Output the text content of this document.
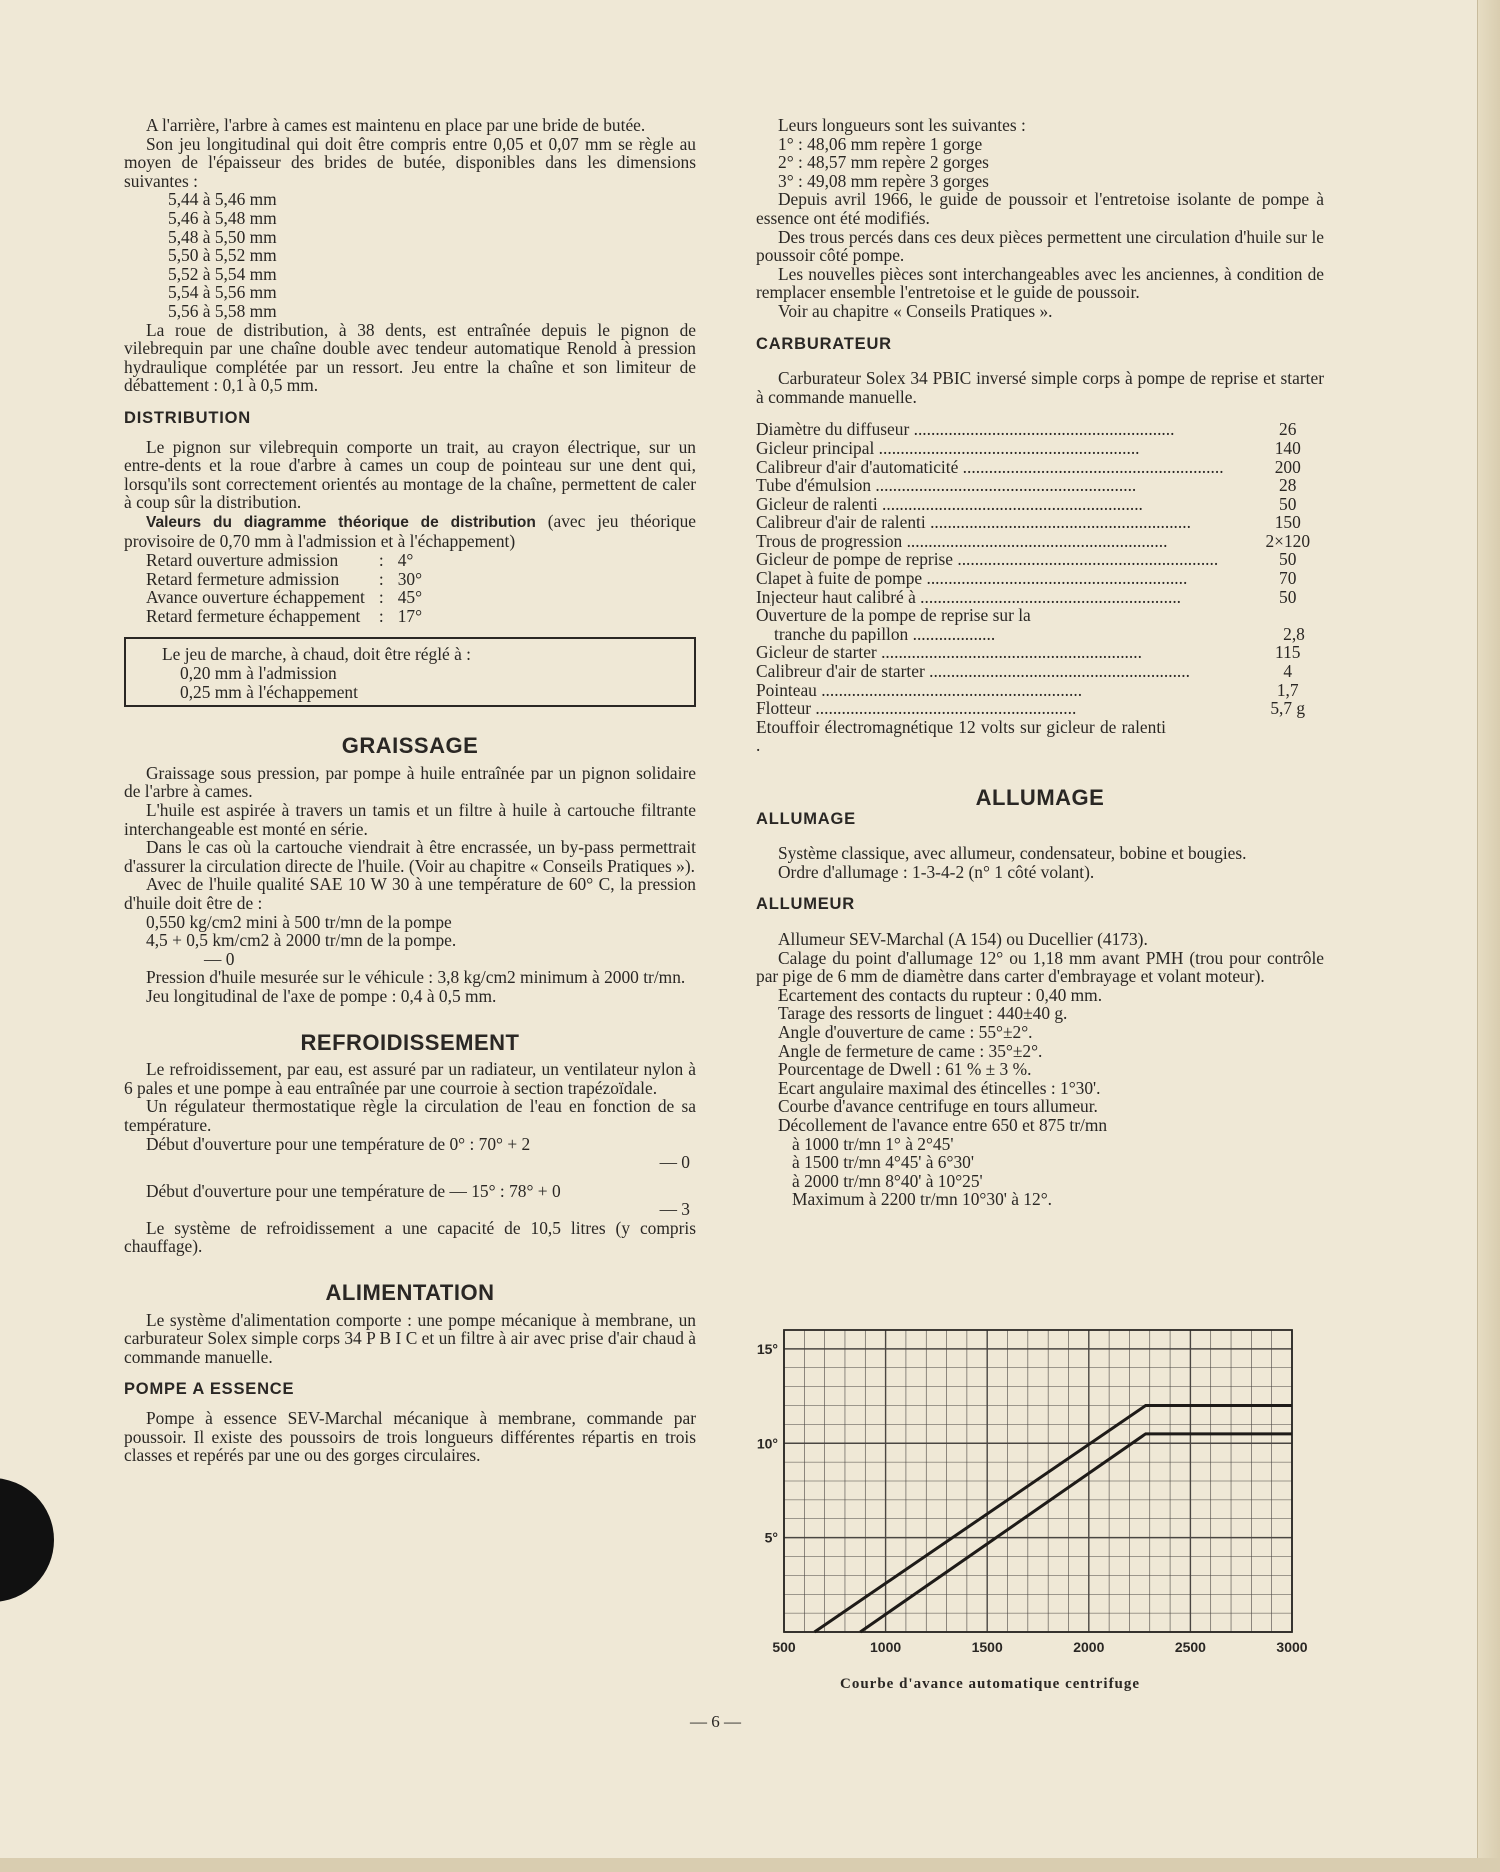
A l'arrière, l'arbre à cames est maintenu en place par une bride de butée.

Son jeu longitudinal qui doit être compris entre 0,05 et 0,07 mm se règle au moyen de l'épaisseur des brides de butée, disponibles dans les dimensions suivantes :

5,44 à 5,46 mm
5,46 à 5,48 mm
5,48 à 5,50 mm
5,50 à 5,52 mm
5,52 à 5,54 mm
5,54 à 5,56 mm
5,56 à 5,58 mm

La roue de distribution, à 38 dents, est entraînée depuis le pignon de vilebrequin par une chaîne double avec tendeur automatique Renold à pression hydraulique complétée par un ressort. Jeu entre la chaîne et son limiteur de débattement : 0,1 à 0,5 mm.

DISTRIBUTION

Le pignon sur vilebrequin comporte un trait, au crayon électrique, sur un entre-dents et la roue d'arbre à cames un coup de pointeau sur une dent qui, lorsqu'ils sont correctement orientés au montage de la chaîne, permettent de caler à coup sûr la distribution.

Valeurs du diagramme théorique de distribution (avec jeu théorique provisoire de 0,70 mm à l'admission et à l'échappement)

Retard ouverture admission	:	4°
Retard fermeture admission	:	30°
Avance ouverture échappement	:	45°
Retard fermeture échappement	:	17°
Le jeu de marche, à chaud, doit être réglé à :
0,20 mm à l'admission
0,25 mm à l'échappement
GRAISSAGE

Graissage sous pression, par pompe à huile entraînée par un pignon solidaire de l'arbre à cames.

L'huile est aspirée à travers un tamis et un filtre à huile à cartouche filtrante interchangeable est monté en série.

Dans le cas où la cartouche viendrait à être encrassée, un by-pass permettrait d'assurer la circulation directe de l'huile. (Voir au chapitre « Conseils Pratiques »).

Avec de l'huile qualité SAE 10 W 30 à une température de 60° C, la pression d'huile doit être de :

0,550 kg/cm2 mini à 500 tr/mn de la pompe
4,5 + 0,5 km/cm2 à 2000 tr/mn de la pompe.
— 0

Pression d'huile mesurée sur le véhicule : 3,8 kg/cm2 minimum à 2000 tr/mn.

Jeu longitudinal de l'axe de pompe : 0,4 à 0,5 mm.

REFROIDISSEMENT

Le refroidissement, par eau, est assuré par un radiateur, un ventilateur nylon à 6 pales et une pompe à eau entraînée par une courroie à section trapézoïdale.

Un régulateur thermostatique règle la circulation de l'eau en fonction de sa température.

Début d'ouverture pour une température de 0° : 70° + 2
— 0
Début d'ouverture pour une température de — 15° : 78° + 0
— 3

Le système de refroidissement a une capacité de 10,5 litres (y compris chauffage).

ALIMENTATION

Le système d'alimentation comporte : une pompe mécanique à membrane, un carburateur Solex simple corps 34 P B I C et un filtre à air avec prise d'air chaud à commande manuelle.

POMPE A ESSENCE

Pompe à essence SEV-Marchal mécanique à membrane, commande par poussoir. Il existe des poussoirs de trois longueurs différentes répartis en trois classes et repérés par une ou des gorges circulaires.

Leurs longueurs sont les suivantes :

1° : 48,06 mm repère 1 gorge
2° : 48,57 mm repère 2 gorges
3° : 49,08 mm repère 3 gorges

Depuis avril 1966, le guide de poussoir et l'entretoise isolante de pompe à essence ont été modifiés.

Des trous percés dans ces deux pièces permettent une circulation d'huile sur le poussoir côté pompe.

Les nouvelles pièces sont interchangeables avec les anciennes, à condition de remplacer ensemble l'entretoise et le guide de poussoir.

Voir au chapitre « Conseils Pratiques ».

CARBURATEUR

Carburateur Solex 34 PBIC inversé simple corps à pompe de reprise et starter à commande manuelle.

Diamètre du diffuseur ............................................................	26
Gicleur principal ............................................................	140
Calibreur d'air d'automaticité ............................................................	200
Tube d'émulsion ............................................................	28
Gicleur de ralenti ............................................................	50
Calibreur d'air de ralenti ............................................................	150
Trous de progression ............................................................	2×120
Gicleur de pompe de reprise ............................................................	50
Clapet à fuite de pompe ............................................................	70
Injecteur haut calibré à ............................................................	50
Ouverture de la pompe de reprise sur la	
tranche du papillon ...................	2,8
Gicleur de starter ............................................................	115
Calibreur d'air de starter ............................................................	4
Pointeau ............................................................	1,7
Flotteur ............................................................	5,7 g

Etouffoir électromagnétique 12 volts sur gicleur de ralenti .

ALLUMAGE
ALLUMAGE

Système classique, avec allumeur, condensateur, bobine et bougies.

Ordre d'allumage : 1-3-4-2 (n° 1 côté volant).

ALLUMEUR

Allumeur SEV-Marchal (A 154) ou Ducellier (4173).

Calage du point d'allumage 12° ou 1,18 mm avant PMH (trou pour contrôle par pige de 6 mm de diamètre dans carter d'embrayage et volant moteur).

Ecartement des contacts du rupteur : 0,40 mm.

Tarage des ressorts de linguet : 440±40 g.

Angle d'ouverture de came : 55°±2°.

Angle de fermeture de came : 35°±2°.

Pourcentage de Dwell : 61 % ± 3 %.

Ecart angulaire maximal des étincelles : 1°30'.

Courbe d'avance centrifuge en tours allumeur.

Décollement de l'avance entre 650 et 875 tr/mn

à 1000 tr/mn 1° à 2°45'
à 1500 tr/mn 4°45' à 6°30'
à 2000 tr/mn 8°40' à 10°25'
Maximum à 2200 tr/mn 10°30' à 12°.
500	1000	1500	2000	2500	3000
5°
10°
15°
Courbe d'avance automatique centrifuge
— 6 —
